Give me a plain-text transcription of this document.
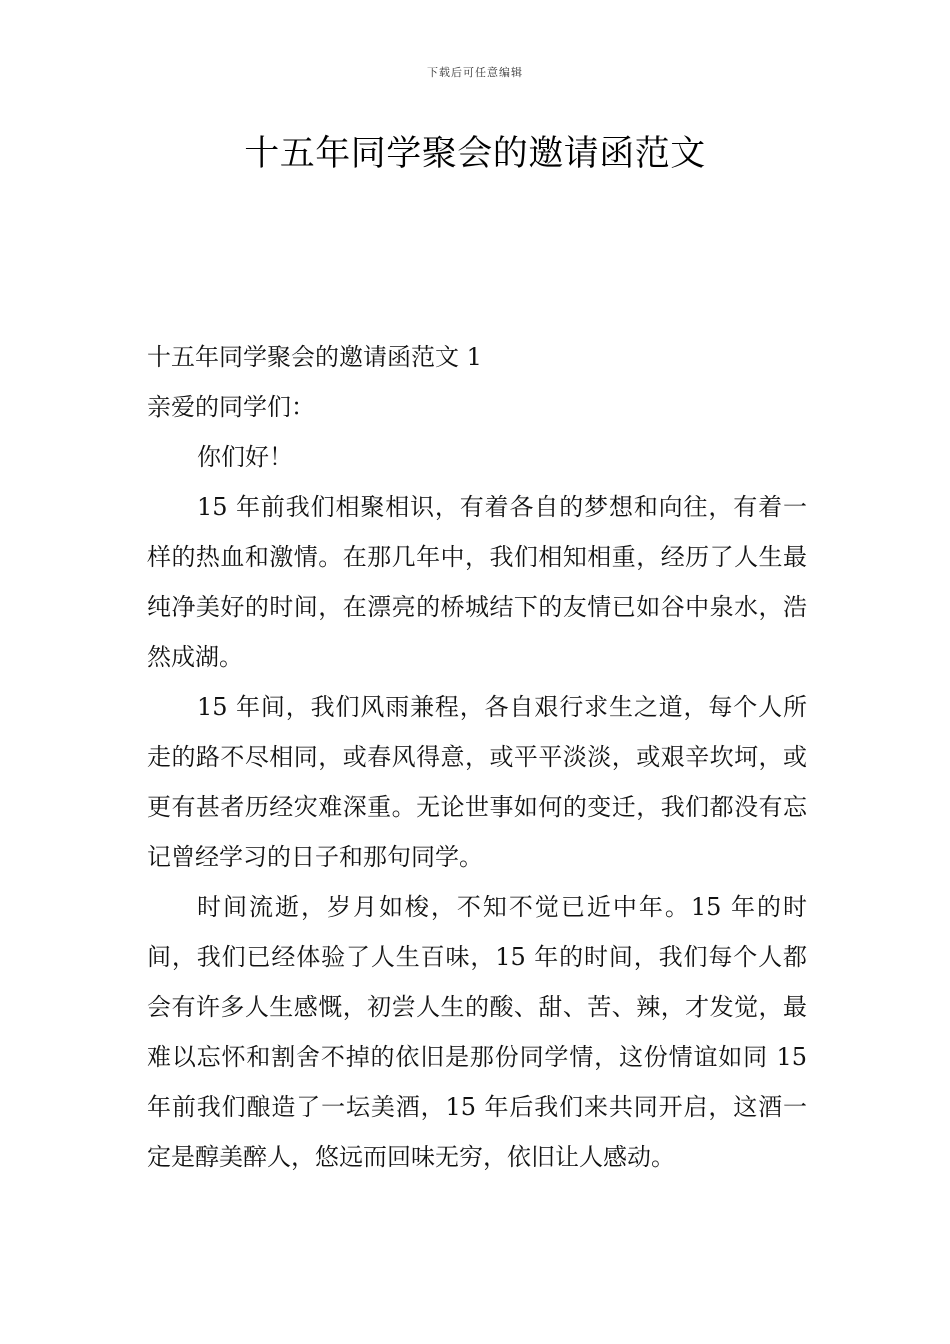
下载后可任意编辑
十五年同学聚会的邀请函范文

十五年同学聚会的邀请函范文 1

亲爱的同学们：

你们好！

15 年前我们相聚相识，有着各自的梦想和向往，有着一样的热血和激情。在那几年中，我们相知相重，经历了人生最纯净美好的时间，在漂亮的桥城结下的友情已如谷中泉水，浩然成湖。

15 年间，我们风雨兼程，各自艰行求生之道，每个人所走的路不尽相同，或春风得意，或平平淡淡，或艰辛坎坷，或更有甚者历经灾难深重。无论世事如何的变迁，我们都没有忘记曾经学习的日子和那句同学。

时间流逝，岁月如梭，不知不觉已近中年。15 年的时间，我们已经体验了人生百味，15 年的时间，我们每个人都会有许多人生感慨，初尝人生的酸、甜、苦、辣，才发觉，最难以忘怀和割舍不掉的依旧是那份同学情，这份情谊如同 15 年前我们酿造了一坛美酒，15 年后我们来共同开启，这酒一定是醇美醉人，悠远而回味无穷，依旧让人感动。
